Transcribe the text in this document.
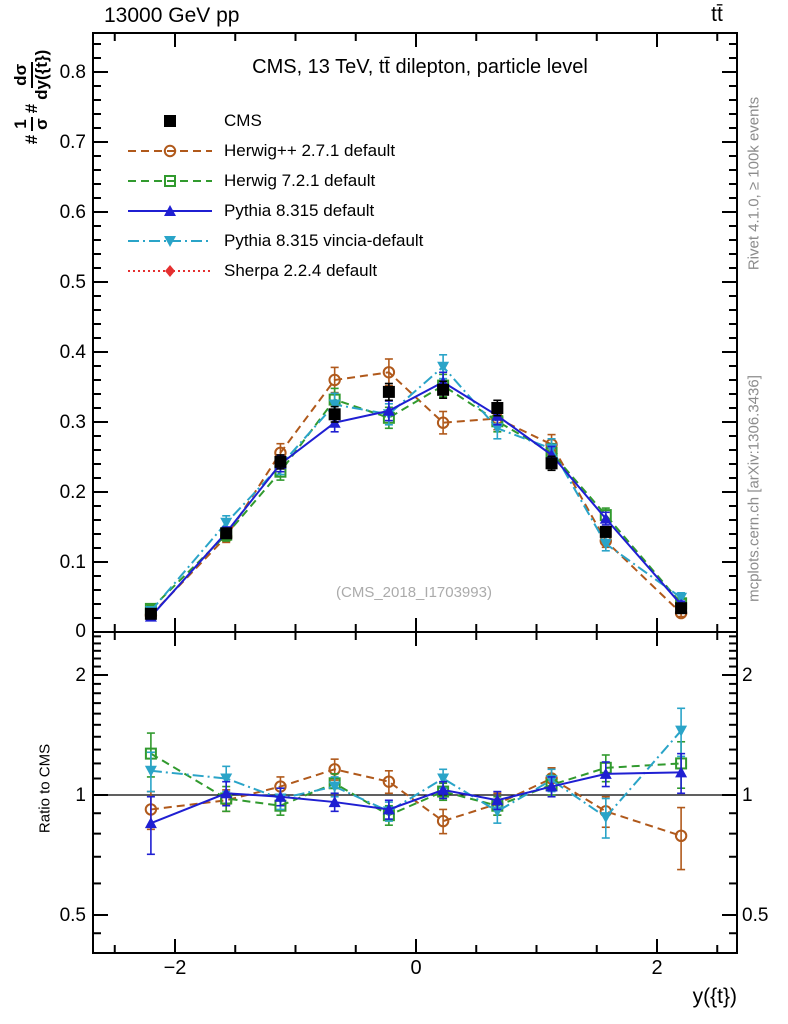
13000 GeV pp	tt̄
CMS, 13 TeV, tt̄ dilepton, particle level
(CMS_2018_I1703993)
Rivet 4.1.0, ≥ 100k events
mcplots.cern.ch [arXiv:1306.3436]
#
1 σ
#
dσ dy({t})
Ratio to CMS
y({t})
0
CMS
Herwig++ 2.7.1 default
Herwig 7.2.1 default
Pythia 8.315 default
Pythia 8.315 vincia-default
Sherpa 2.2.4 default
0.8
0.7
0.6
0.5
0.4
0.3
0.2
0.1
2	2
1	1
0.5	0.5
−2	0	2
